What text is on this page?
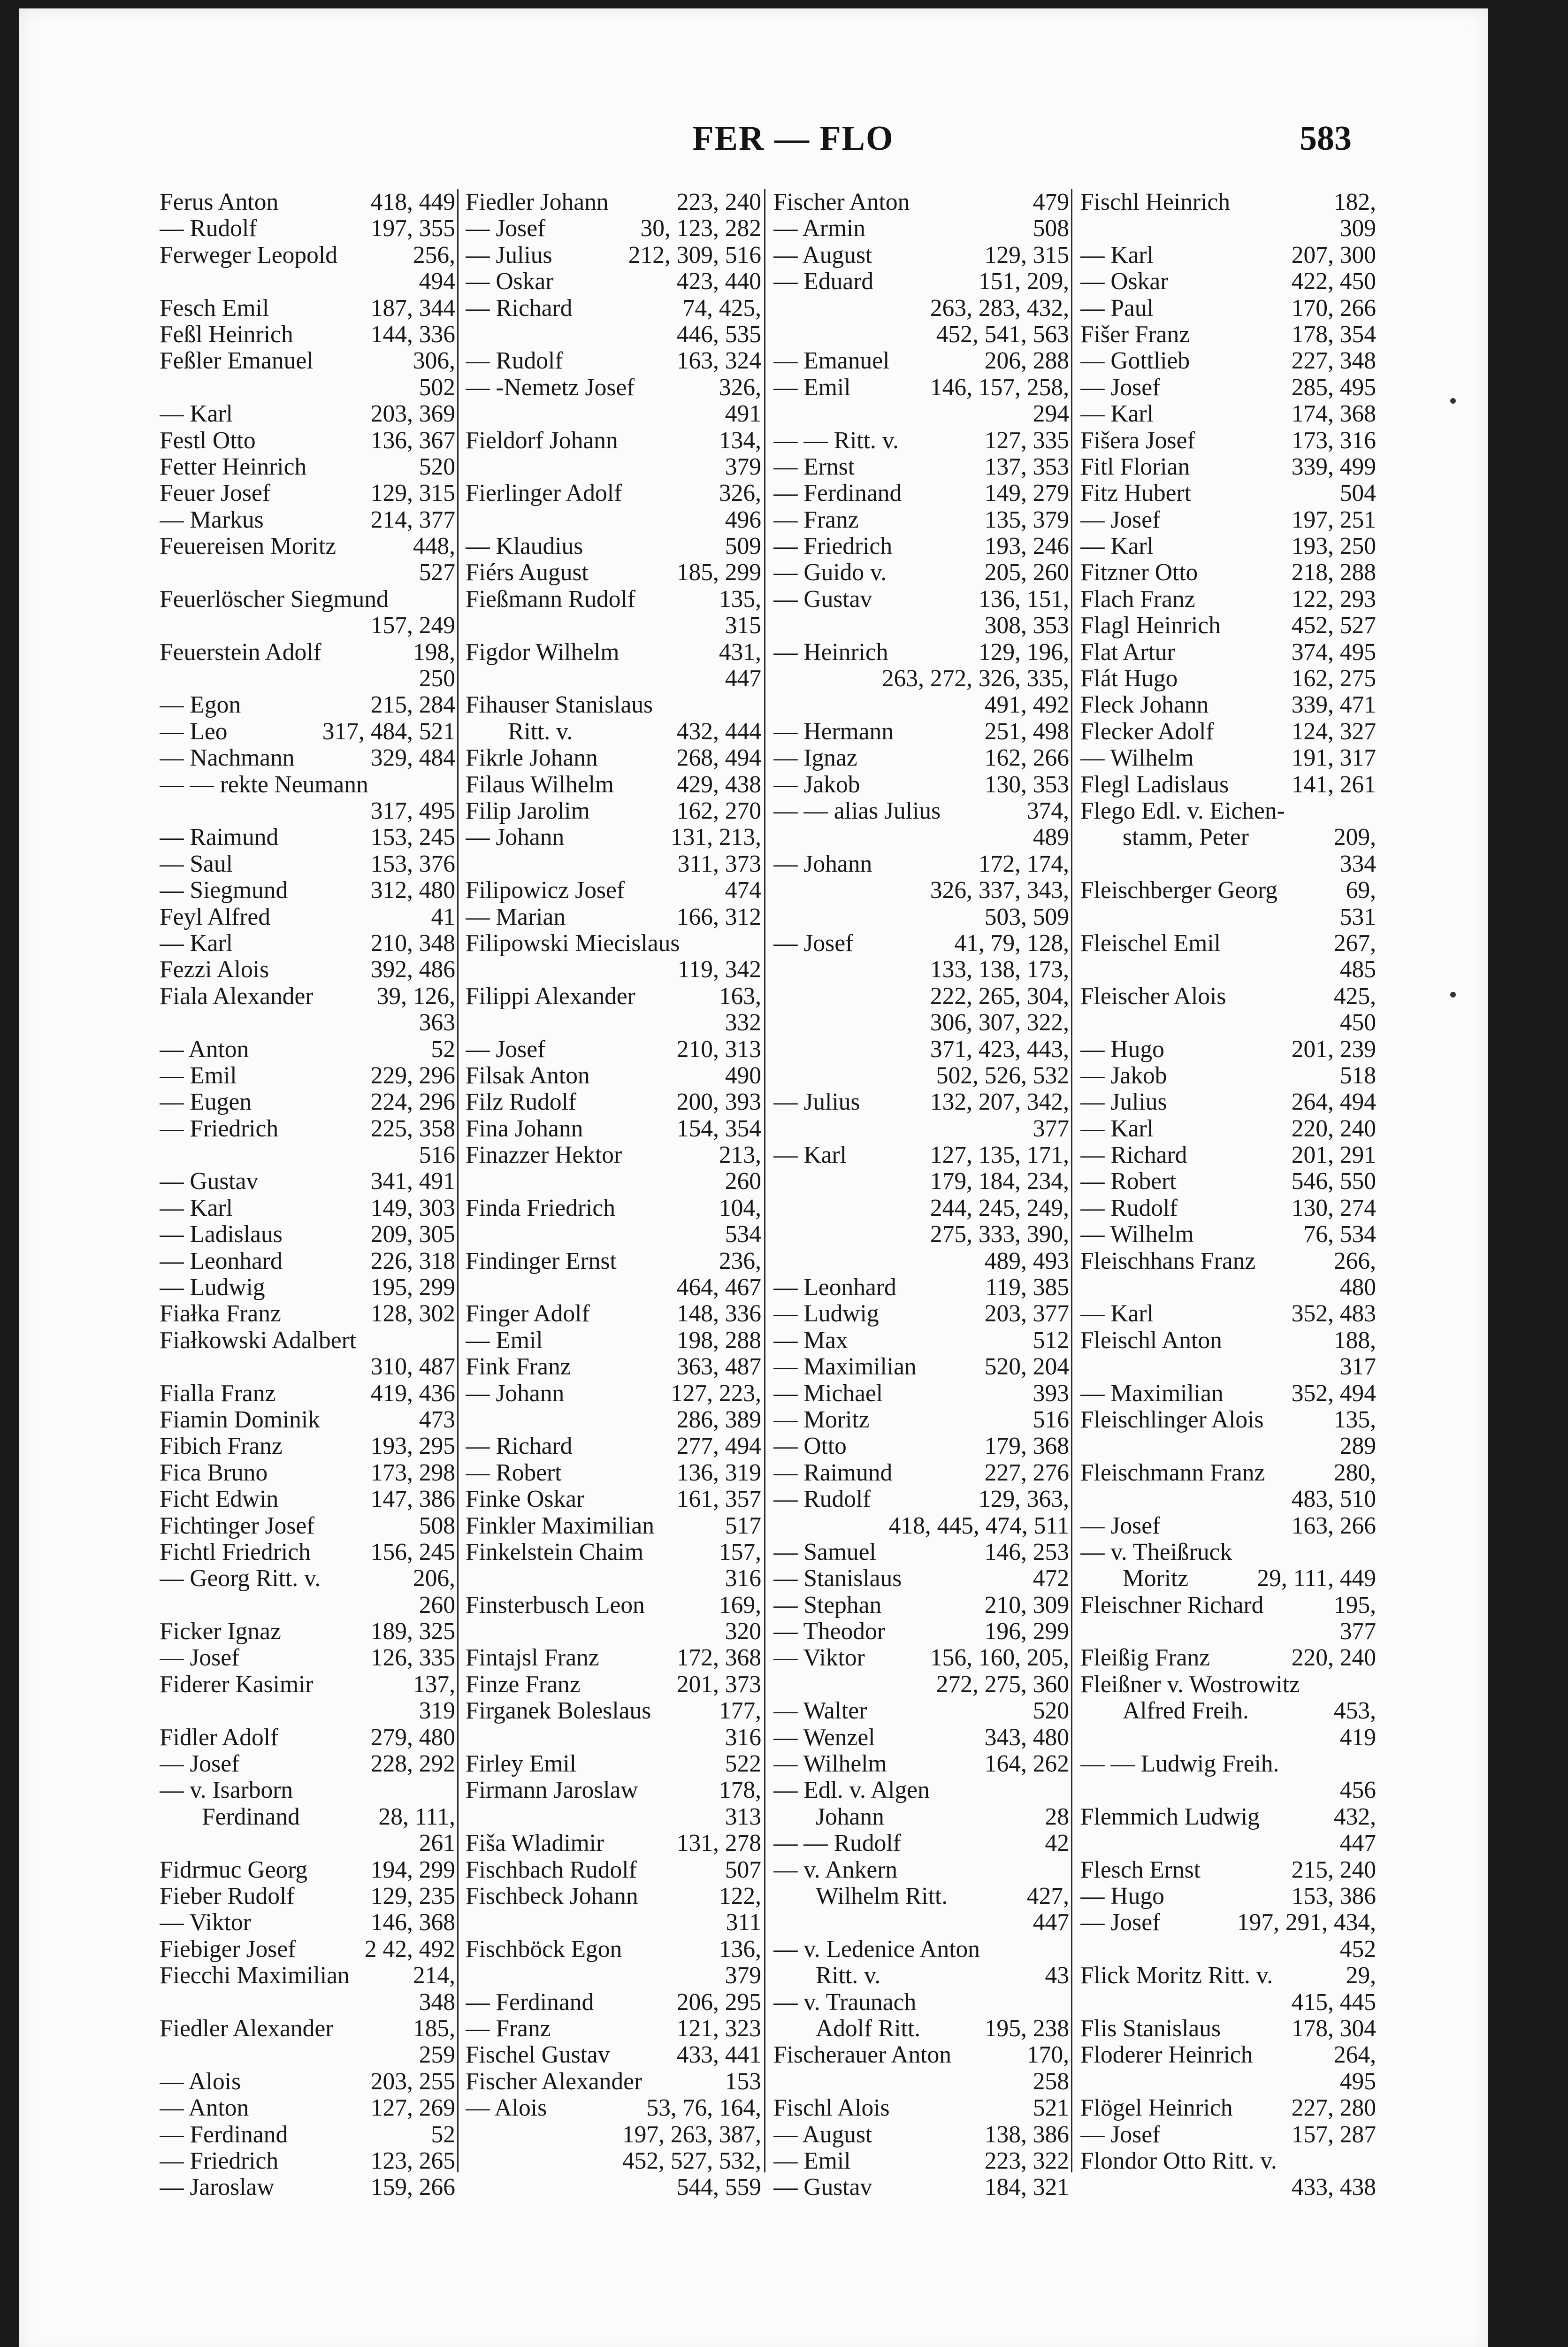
FER — FLO	583
Ferus Anton	418, 449
— Rudolf	197, 355
Ferweger Leopold	256,
494
Fesch Emil	187, 344
Feßl Heinrich	144, 336
Feßler Emanuel	306,
502
— Karl	203, 369
Festl Otto	136, 367
Fetter Heinrich	520
Feuer Josef	129, 315
— Markus	214, 377
Feuereisen Moritz	448,
527
Feuerlöscher Siegmund
157, 249
Feuerstein Adolf	198,
250
— Egon	215, 284
— Leo	317, 484, 521
— Nachmann	329, 484
— — rekte Neumann
317, 495
— Raimund	153, 245
— Saul	153, 376
— Siegmund	312, 480
Feyl Alfred	41
— Karl	210, 348
Fezzi Alois	392, 486
Fiala Alexander	39, 126,
363
— Anton	52
— Emil	229, 296
— Eugen	224, 296
— Friedrich	225, 358
516
— Gustav	341, 491
— Karl	149, 303
— Ladislaus	209, 305
— Leonhard	226, 318
— Ludwig	195, 299
Fiałka Franz	128, 302
Fiałkowski Adalbert
310, 487
Fialla Franz	419, 436
Fiamin Dominik	473
Fibich Franz	193, 295
Fica Bruno	173, 298
Ficht Edwin	147, 386
Fichtinger Josef	508
Fichtl Friedrich 156, 245
— Georg Ritt. v.	206,
260
Ficker Ignaz	189, 325
— Josef	126, 335
Fiderer Kasimir	137,
319
Fidler Adolf	279, 480
— Josef	228, 292
— v. Isarborn
Ferdinand	28, 111,
261
Fidrmuc Georg	194, 299
Fieber Rudolf	129, 235
— Viktor	146, 368
Fiebiger Josef	2 42, 492
Fiecchi Maximilian	214,
348
Fiedler Alexander	185,
259
— Alois	203, 255
— Anton	127, 269
— Ferdinand	52
— Friedrich	123, 265
— Jaroslaw	159, 266
Fiedler Johann	223, 240
— Josef	30, 123, 282
— Julius	212, 309, 516
— Oskar	423, 440
— Richard	74, 425,
446, 535
— Rudolf	163, 324
— -Nemetz Josef	326,
491
Fieldorf Johann	134,
379
Fierlinger Adolf	326,
496
— Klaudius	509
Fiérs August	185, 299
Fießmann Rudolf	135,
315
Figdor Wilhelm	431,
447
Fihauser Stanislaus
Ritt. v.	432, 444
Fikrle Johann	268, 494
Filaus Wilhelm	429, 438
Filip Jarolim	162, 270
— Johann	131, 213,
311, 373
Filipowicz Josef	474
— Marian	166, 312
Filipowski Miecislaus
119, 342
Filippi Alexander	163,
332
— Josef	210, 313
Filsak Anton	490
Filz Rudolf	200, 393
Fina Johann	154, 354
Finazzer Hektor	213,
260
Finda Friedrich	104,
534
Findinger Ernst	236,
464, 467
Finger Adolf	148, 336
— Emil	198, 288
Fink Franz	363, 487
— Johann	127, 223,
286, 389
— Richard	277, 494
— Robert	136, 319
Finke Oskar	161, 357
Finkler Maximilian	517
Finkelstein Chaim	157,
316
Finsterbusch Leon	169,
320
Fintajsl Franz	172, 368
Finze Franz	201, 373
Firganek Boleslaus	177,
316
Firley Emil	522
Firmann Jaroslaw	178,
313
Fiša Wladimir	131, 278
Fischbach Rudolf	507
Fischbeck Johann	122,
311
Fischböck Egon	136,
379
— Ferdinand	206, 295
— Franz	121, 323
Fischel Gustav	433, 441
Fischer Alexander	153
— Alois	53, 76, 164,
197, 263, 387,
452, 527, 532,
544, 559
Fischer Anton	479
— Armin	508
— August	129, 315
— Eduard	151, 209,
263, 283, 432,
452, 541, 563
— Emanuel	206, 288
— Emil	146, 157, 258,
294
— — Ritt. v.	127, 335
— Ernst	137, 353
— Ferdinand	149, 279
— Franz	135, 379
— Friedrich	193, 246
— Guido v.	205, 260
— Gustav	136, 151,
308, 353
— Heinrich	129, 196,
263, 272, 326, 335,
491, 492
— Hermann	251, 498
— Ignaz	162, 266
— Jakob	130, 353
— — alias Julius	374,
489
— Johann	172, 174,
326, 337, 343,
503, 509
— Josef	41, 79, 128,
133, 138, 173,
222, 265, 304,
306, 307, 322,
371, 423, 443,
502, 526, 532
— Julius	132, 207, 342,
377
— Karl	127, 135, 171,
179, 184, 234,
244, 245, 249,
275, 333, 390,
489, 493
— Leonhard	119, 385
— Ludwig	203, 377
— Max	512
— Maximilian	520, 204
— Michael	393
— Moritz	516
— Otto	179, 368
— Raimund	227, 276
— Rudolf	129, 363,
418, 445, 474, 511
— Samuel	146, 253
— Stanislaus	472
— Stephan	210, 309
— Theodor	196, 299
— Viktor	156, 160, 205,
272, 275, 360
— Walter	520
— Wenzel	343, 480
— Wilhelm	164, 262
— Edl. v. Algen
Johann	28
— — Rudolf	42
— v. Ankern
Wilhelm Ritt.	427,
447
— v. Ledenice Anton
Ritt. v.	43
— v. Traunach
Adolf Ritt.	195, 238
Fischerauer Anton	170,
258
Fischl Alois	521
— August	138, 386
— Emil	223, 322
— Gustav	184, 321
Fischl Heinrich	182,
309
— Karl	207, 300
— Oskar	422, 450
— Paul	170, 266
Fišer Franz	178, 354
— Gottlieb	227, 348
— Josef	285, 495
— Karl	174, 368
Fišera Josef	173, 316
Fitl Florian	339, 499
Fitz Hubert	504
— Josef	197, 251
— Karl	193, 250
Fitzner Otto	218, 288
Flach Franz	122, 293
Flagl Heinrich	452, 527
Flat Artur	374, 495
Flát Hugo	162, 275
Fleck Johann	339, 471
Flecker Adolf	124, 327
— Wilhelm	191, 317
Flegl Ladislaus	141, 261
Flego Edl. v. Eichen-
stamm, Peter	209,
334
Fleischberger Georg	69,
531
Fleischel Emil	267,
485
Fleischer Alois	425,
450
— Hugo	201, 239
— Jakob	518
— Julius	264, 494
— Karl	220, 240
— Richard	201, 291
— Robert	546, 550
— Rudolf	130, 274
— Wilhelm	76, 534
Fleischhans Franz	266,
480
— Karl	352, 483
Fleischl Anton	188,
317
— Maximilian	352, 494
Fleischlinger Alois	135,
289
Fleischmann Franz	280,
483, 510
— Josef	163, 266
— v. Theißruck
Moritz	29, 111, 449
Fleischner Richard	195,
377
Fleißig Franz	220, 240
Fleißner v. Wostrowitz
Alfred Freih.	453,
419
— — Ludwig Freih.
456
Flemmich Ludwig	432,
447
Flesch Ernst	215, 240
— Hugo	153, 386
— Josef	197, 291, 434,
452
Flick Moritz Ritt. v.	29,
415, 445
Flis Stanislaus	178, 304
Floderer Heinrich	264,
495
Flögel Heinrich 227, 280
— Josef	157, 287
Flondor Otto Ritt. v.
433, 438
